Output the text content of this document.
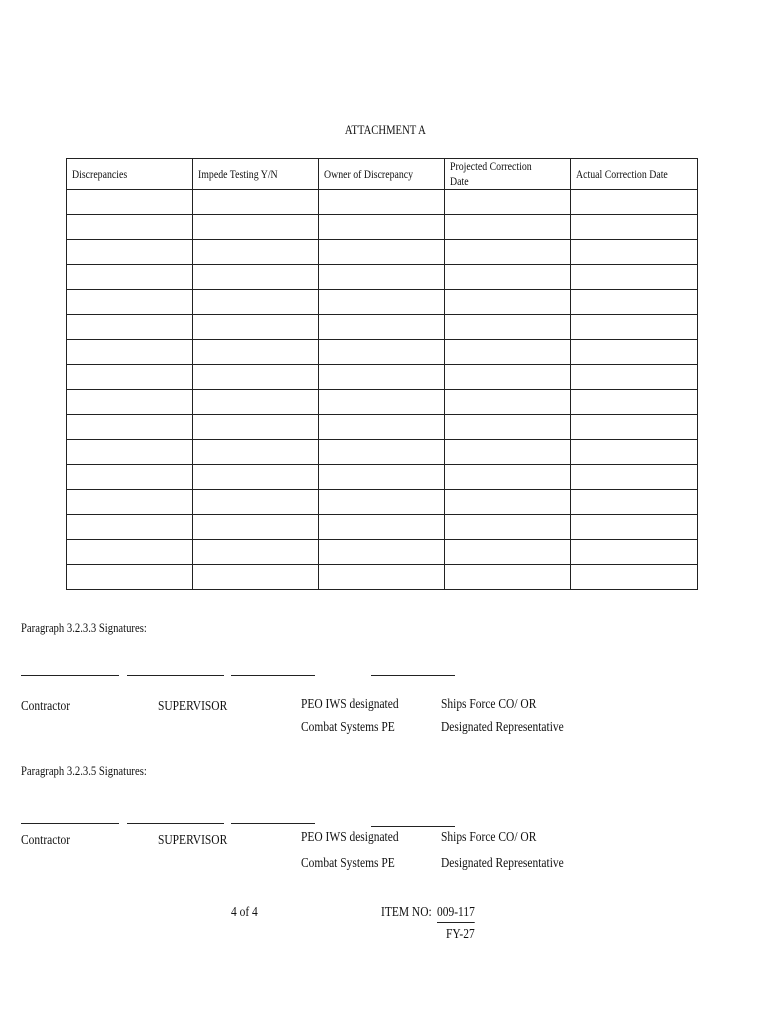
ATTACHMENT A
Discrepancies	Impede Testing Y/N	Owner of Discrepancy	Projected Correction Date	Actual Correction Date

Paragraph 3.2.3.3 Signatures:
Contractor	SUPERVISOR	PEO IWS designated
Combat Systems PE
Ships Force CO/ OR
Designated Representative
Paragraph 3.2.3.5 Signatures:
Contractor	SUPERVISOR	PEO IWS designated
Combat Systems PE
Ships Force CO/ OR
Designated Representative
4 of 4	ITEM NO: 009-117
FY-27
